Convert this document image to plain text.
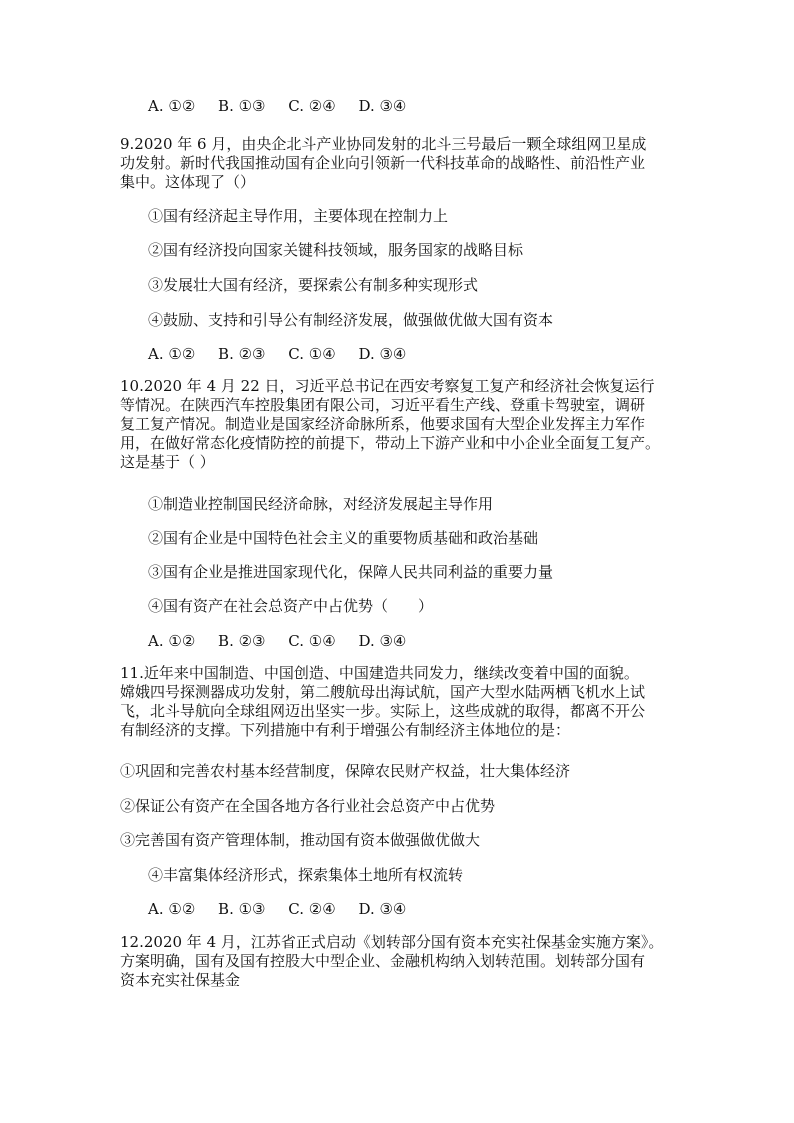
A. ①② B. ①③ C. ②④ D. ③④
9.2020 年 6 月，由央企北斗产业协同发射的北斗三号最后一颗全球组网卫星成
功发射。新时代我国推动国有企业向引领新一代科技革命的战略性、前沿性产业
集中。这体现了（）
①国有经济起主导作用，主要体现在控制力上
②国有经济投向国家关键科技领域，服务国家的战略目标
③发展壮大国有经济，要探索公有制多种实现形式
④鼓励、支持和引导公有制经济发展，做强做优做大国有资本
A. ①② B. ②③ C. ①④ D. ③④
10.2020 年 4 月 22 日，习近平总书记在西安考察复工复产和经济社会恢复运行
等情况。在陕西汽车控股集团有限公司，习近平看生产线、登重卡驾驶室，调研
复工复产情况。制造业是国家经济命脉所系，他要求国有大型企业发挥主力军作
用，在做好常态化疫情防控的前提下，带动上下游产业和中小企业全面复工复产。
这是基于（ ）
①制造业控制国民经济命脉，对经济发展起主导作用
②国有企业是中国特色社会主义的重要物质基础和政治基础
③国有企业是推进国家现代化，保障人民共同利益的重要力量
④国有资产在社会总资产中占优势（　　）
A. ①② B. ②③ C. ①④ D. ③④
11.近年来中国制造、中国创造、中国建造共同发力，继续改变着中国的面貌。
嫦娥四号探测器成功发射，第二艘航母出海试航，国产大型水陆两栖飞机水上试
飞，北斗导航向全球组网迈出坚实一步。实际上，这些成就的取得，都离不开公
有制经济的支撑。下列措施中有利于增强公有制经济主体地位的是：
①巩固和完善农村基本经营制度，保障农民财产权益，壮大集体经济
②保证公有资产在全国各地方各行业社会总资产中占优势
③完善国有资产管理体制，推动国有资本做强做优做大
④丰富集体经济形式，探索集体土地所有权流转
A. ①② B. ①③ C. ②④ D. ③④
12.2020 年 4 月，江苏省正式启动《划转部分国有资本充实社保基金实施方案》。
方案明确，国有及国有控股大中型企业、金融机构纳入划转范围。划转部分国有
资本充实社保基金
